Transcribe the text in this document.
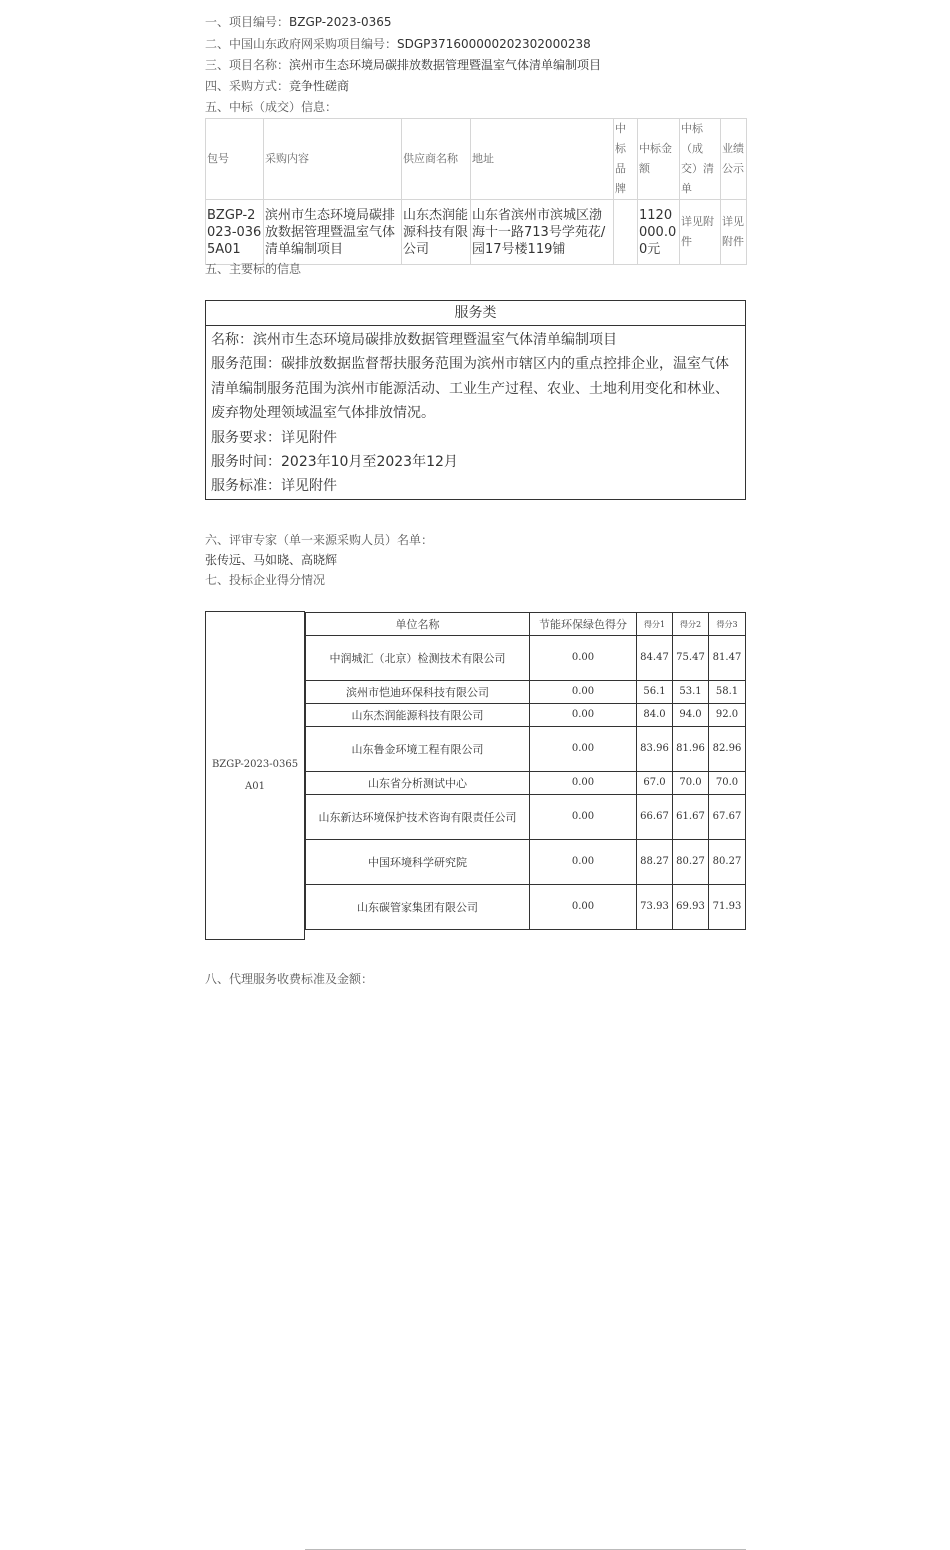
一、项目编号：BZGP-2023-0365
二、中国山东政府网采购项目编号：SDGP371600000202302000238
三、项目名称：滨州市生态环境局碳排放数据管理暨温室气体清单编制项目
四、采购方式：竞争性磋商
五、中标（成交）信息：
包号	采购内容	供应商名称	地址	中标品牌	中标金额	中标（成交）清单	业绩公示
BZGP-2023-0365A01	滨州市生态环境局碳排放数据管理暨温室气体清单编制项目	山东杰润能源科技有限公司	山东省滨州市滨城区渤海十一路713号学苑花/园17号楼119铺		1120000.00元	详见附件	详见附件
五、主要标的信息
服务类

名称：滨州市生态环境局碳排放数据管理暨温室气体清单编制项目

服务范围：碳排放数据监督帮扶服务范围为滨州市辖区内的重点控排企业，温室气体清单编制服务范围为滨州市能源活动、工业生产过程、农业、土地利用变化和林业、废弃物处理领域温室气体排放情况。

服务要求：详见附件

服务时间：2023年10月至2023年12月

服务标准：详见附件

六、评审专家（单一来源采购人员）名单：
张传远、马如晓、高晓辉
七、投标企业得分情况
BZGP-2023-0365
A01
单位名称	节能环保绿色得分	得分1	得分2	得分3
中润城汇（北京）检测技术有限公司	0.00	84.47	75.47	81.47
滨州市恺迪环保科技有限公司	0.00	56.1	53.1	58.1
山东杰润能源科技有限公司	0.00	84.0	94.0	92.0
山东鲁金环境工程有限公司	0.00	83.96	81.96	82.96
山东省分析测试中心	0.00	67.0	70.0	70.0
山东新达环境保护技术咨询有限责任公司	0.00	66.67	61.67	67.67
中国环境科学研究院	0.00	88.27	80.27	80.27
山东碳管家集团有限公司	0.00	73.93	69.93	71.93
八、代理服务收费标准及金额：
